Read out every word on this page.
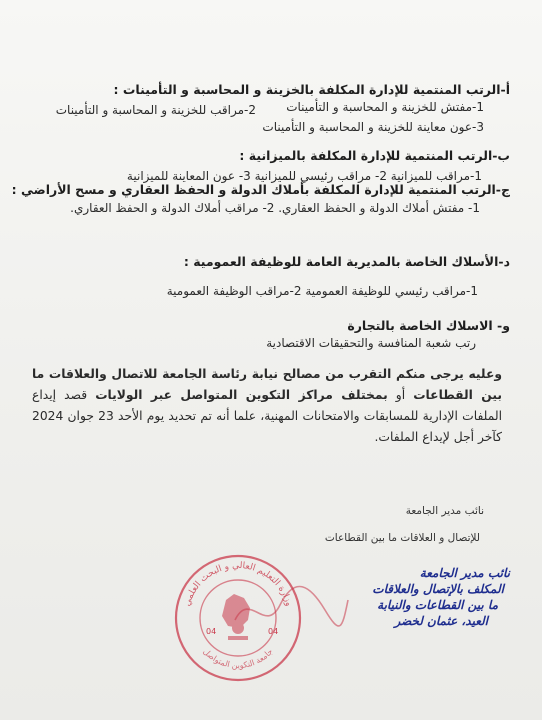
أ-الرتب المنتمية للإدارة المكلفة بالخزينة و المحاسبة و التأمينات :
1-مفتش للخزينة و المحاسبة و التأمينات
2-مراقب للخزينة و المحاسبة و التأمينات
3-عون معاينة للخزينة و المحاسبة و التأمينات
ب-الرتب المنتمية للإدارة المكلفة بالميزانية :
1-مراقب للميزانية 2- مراقب رئيسي للميزانية 3- عون المعاينة للميزانية
ج-الرتب المنتمية للإدارة المكلفة بأملاك الدولة و الحفظ العقاري و مسح الأراضي :
1- مفتش أملاك الدولة و الحفظ العقاري. 2- مراقب أملاك الدولة و الحفظ العقاري.
د-الأسلاك الخاصة بالمديرية العامة للوظيفة العمومية :
1-مراقب رئيسي للوظيفة العمومية 2-مراقب الوظيفة العمومية
و- الاسلاك الخاصة بالتجارة
رتب شعبة المنافسة والتحقيقات الاقتصادية
وعليه يرجى منكم التقرب من مصالح نيابة رئاسة الجامعة للاتصال والعلاقات ما بين القطاعات أو بمختلف مراكز التكوين المتواصل عبر الولايات قصد إيداع الملفات الإدارية للمسابقات والامتحانات المهنية، علما أنه تم تحديد يوم الأحد 23 جوان 2024 كآخر أجل لإيداع الملفات.
نائب مدير الجامعة
للإتصال و العلاقات ما بين القطاعات
وزارة التعليم العالي و البحث العلمي
جامعة التكوين المتواصل
04	04
نائب مدير الجامعة
المكلف بالإتصال والعلاقات
ما بين القطاعات والنيابة
العيد، عثمان لخضر
